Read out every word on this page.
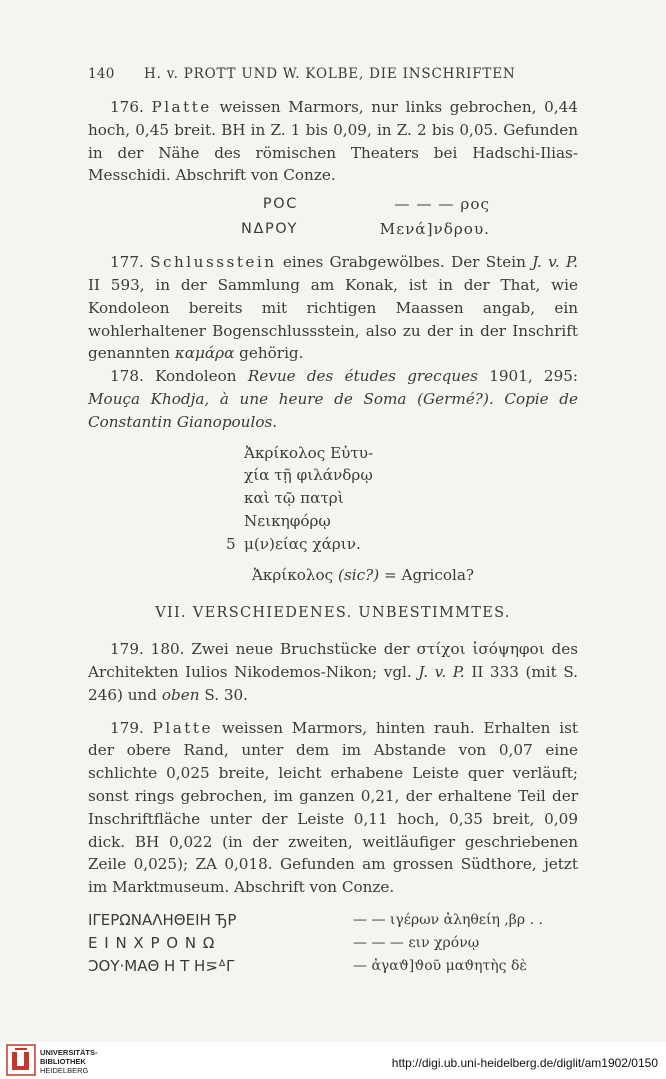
140 H. v. PROTT UND W. KOLBE, DIE INSCHRIFTEN

176. Platte weissen Marmors, nur links gebrochen, 0,44 hoch, 0,45 breit. BH in Z. 1 bis 0,09, in Z. 2 bis 0,05. Gefunden in der Nähe des römischen Theaters bei Hadschi-Ilias-Messchidi. Abschrift von Conze.

POC	— — — ρος
NΔPOY	Μενά]νδρου.

177. Schlussstein eines Grabgewölbes. Der Stein J. v. P. II 593, in der Sammlung am Konak, ist in der That, wie Kondoleon bereits mit richtigen Maassen angab, ein wohlerhaltener Bogenschlussstein, also zu der in der Inschrift genannten καμάρα gehörig.

178. Kondoleon Revue des études grecques 1901, 295: Mouça Khodja, à une heure de Soma (Germé?). Copie de Constantin Gianopoulos.

Ἀκρίκολος Εὐτυ-
χία τῇ φιλάνδρῳ
καὶ τῷ πατρὶ
Νεικηφόρῳ
5 μ(ν)είας χάριν.

Ἀκρίκολος (sic?) = Agricola?

VII. VERSCHIEDENES. UNBESTIMMTES.

179. 180. Zwei neue Bruchstücke der στίχοι ἰσόψηφοι des Architekten Iulios Nikodemos-Nikon; vgl. J. v. P. II 333 (mit S. 246) und oben S. 30.

179. Platte weissen Marmors, hinten rauh. Erhalten ist der obere Rand, unter dem im Abstande von 0,07 eine schlichte 0,025 breite, leicht erhabene Leiste quer verläuft; sonst rings gebrochen, im ganzen 0,21, der erhaltene Teil der Inschriftfläche unter der Leiste 0,11 hoch, 0,35 breit, 0,09 dick. BH 0,022 (in der zweiten, weitläufiger geschriebenen Zeile 0,025); ZA 0,018. Gefunden am grossen Südthore, jetzt im Marktmuseum. Abschrift von Conze.

ΙΓΕΡΩΝΑΛΗΘΕΙΗ ЂΡ	— — ιγέρων ἀληθείη ,βρ . .
Ε Ι Ν Χ Ρ Ο Ν Ω	— — — ειν χρόνῳ
ϽΟΥ·ΜΑΘ Η Τ Η⋝ᐞΓ	— ἀγαϑ]ϑοῦ μαϑητὴς δὲ
UNIVERSITÄTS-
BIBLIOTHEK
HEIDELBERG
http://digi.ub.uni-heidelberg.de/diglit/am1902/0150
